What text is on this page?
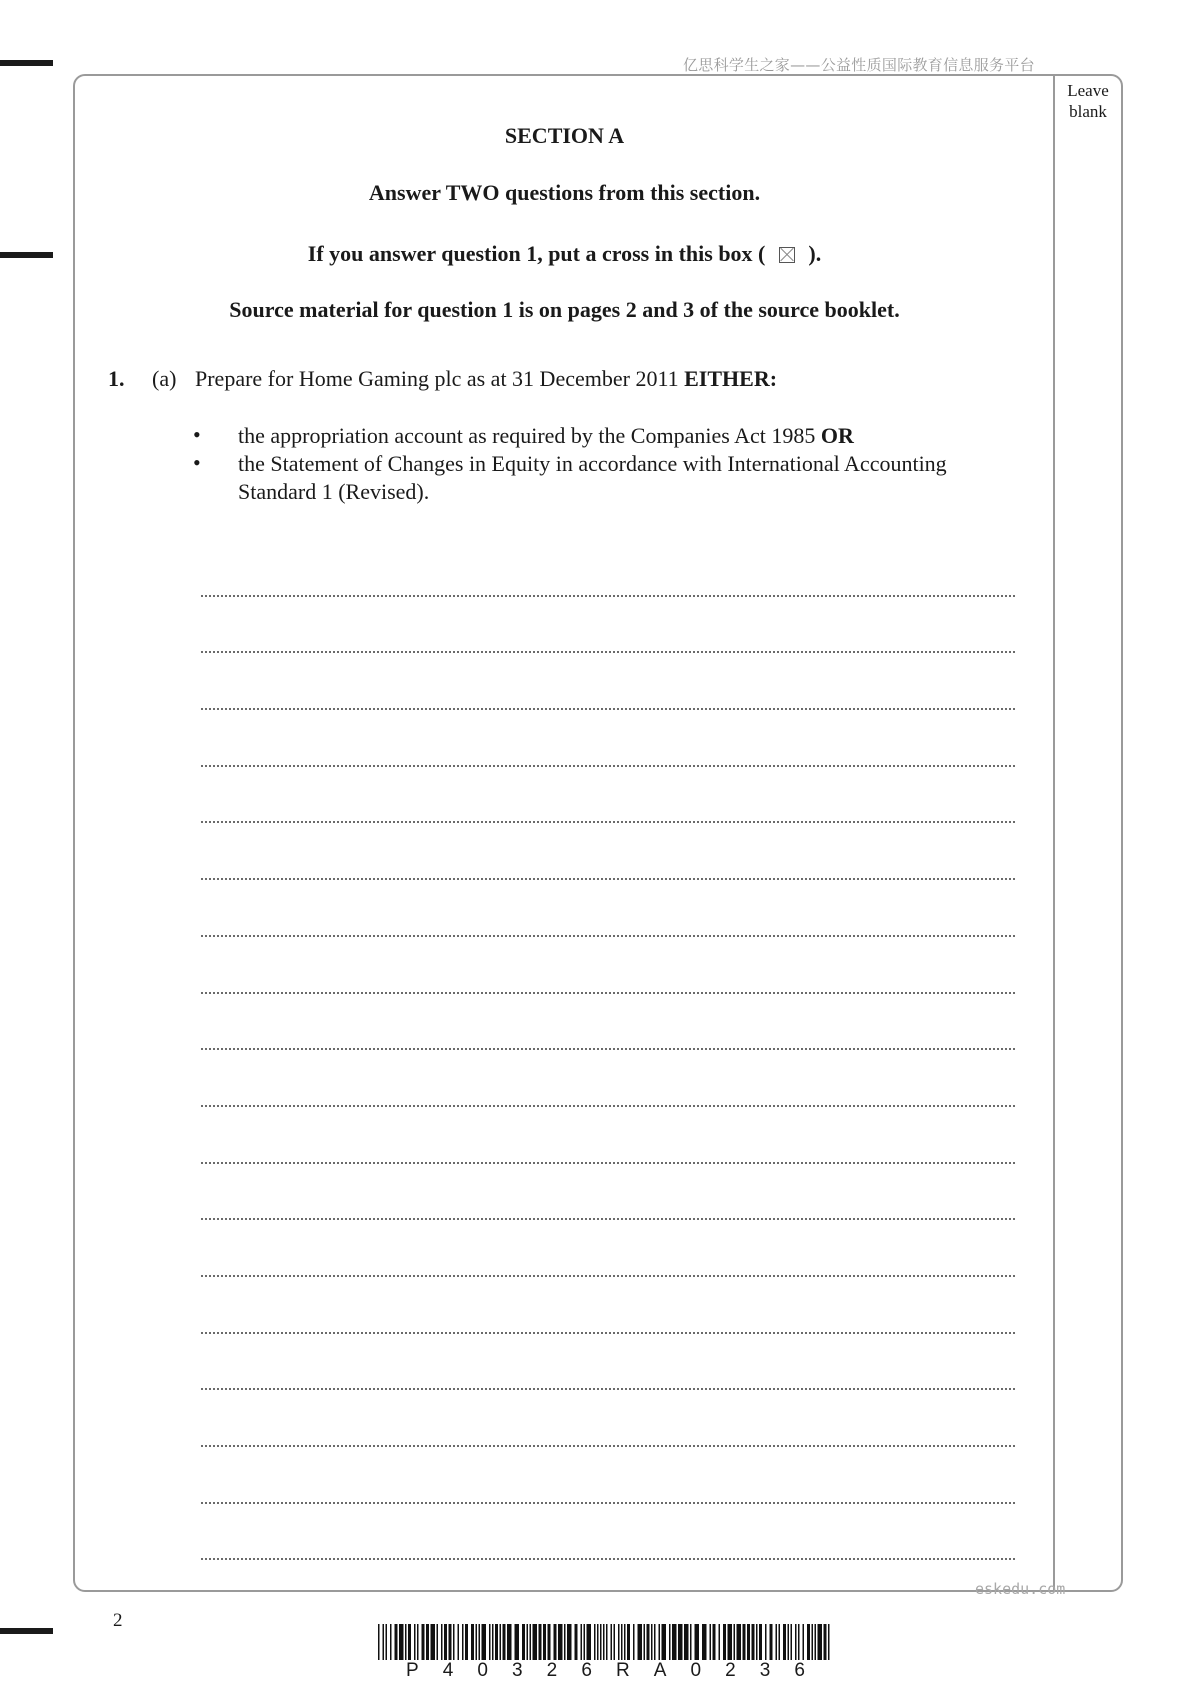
亿思科学生之家——公益性质国际教育信息服务平台
Leave
blank
SECTION A
Answer TWO questions from this section.
If you answer question 1, put a cross in this box ( ).
Source material for question 1 is on pages 2 and 3 of the source booklet.
1. (a) Prepare for Home Gaming plc as at 31 December 2011 EITHER:
• the appropriation account as required by the Companies Act 1985 OR
• the Statement of Changes in Equity in accordance with International Accounting
Standard 1 (Revised).
eskedu.com
2
P 4 0 3 2 6 R A 0 2 3 6
